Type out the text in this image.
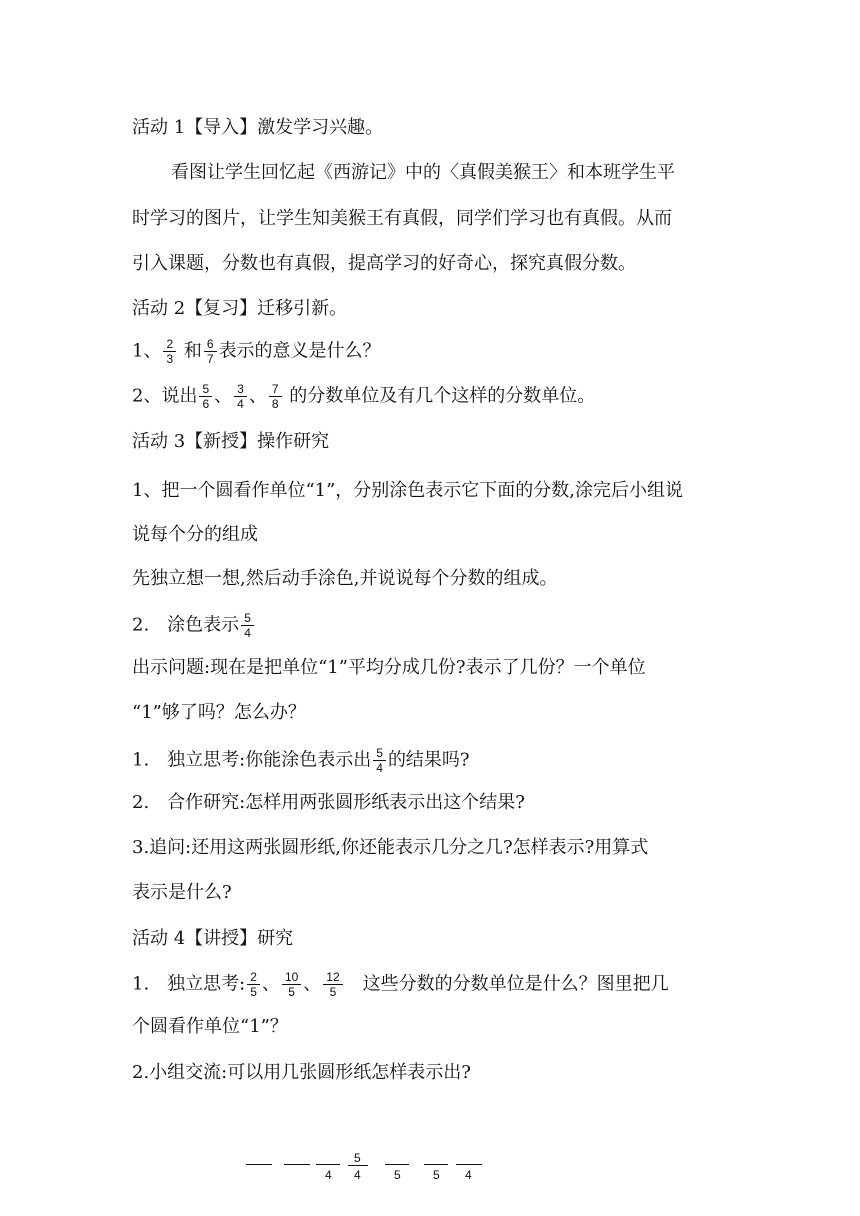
活动 1【导入】激发学习兴趣。
看图让学生回忆起《西游记》中的〈真假美猴王〉和本班学生平
时学习的图片，让学生知美猴王有真假，同学们学习也有真假。从而
引入课题，分数也有真假，提高学习的好奇心，探究真假分数。
活动 2【复习】迁移引新。
1、 $\frac{2}{3}$ 和 $\frac{6}{7}$ 表示的意义是什么？
2、说出 $\frac{5}{6}$ 、 $\frac{3}{4}$ 、 $\frac{7}{8}$ 的分数单位及有几个这样的分数单位。
活动 3【新授】操作研究
1、把一个圆看作单位“1”，分别涂色表示它下面的分数,涂完后小组说
说每个分的组成
先独立想一想,然后动手涂色,并说说每个分数的组成。
2.　涂色表示 $\frac{5}{4}$
出示问题:现在是把单位“1”平均分成几份?表示了几份？一个单位
“1”够了吗？怎么办？
1.　独立思考:你能涂色表示出 $\frac{5}{4}$ 的结果吗?
2.　合作研究:怎样用两张圆形纸表示出这个结果?
3.追问:还用这两张圆形纸,你还能表示几分之几?怎样表示?用算式
表示是什么?
活动 4【讲授】研究
1.　独立思考: $\frac{2}{5}$ 、 $\frac{10}{5}$ 、 $\frac{12}{5}$ 　这些分数的分数单位是什么？图里把几
个圆看作单位“1”？
2.小组交流:可以用几张圆形纸怎样表示出?
4
5
4	5	5 4
